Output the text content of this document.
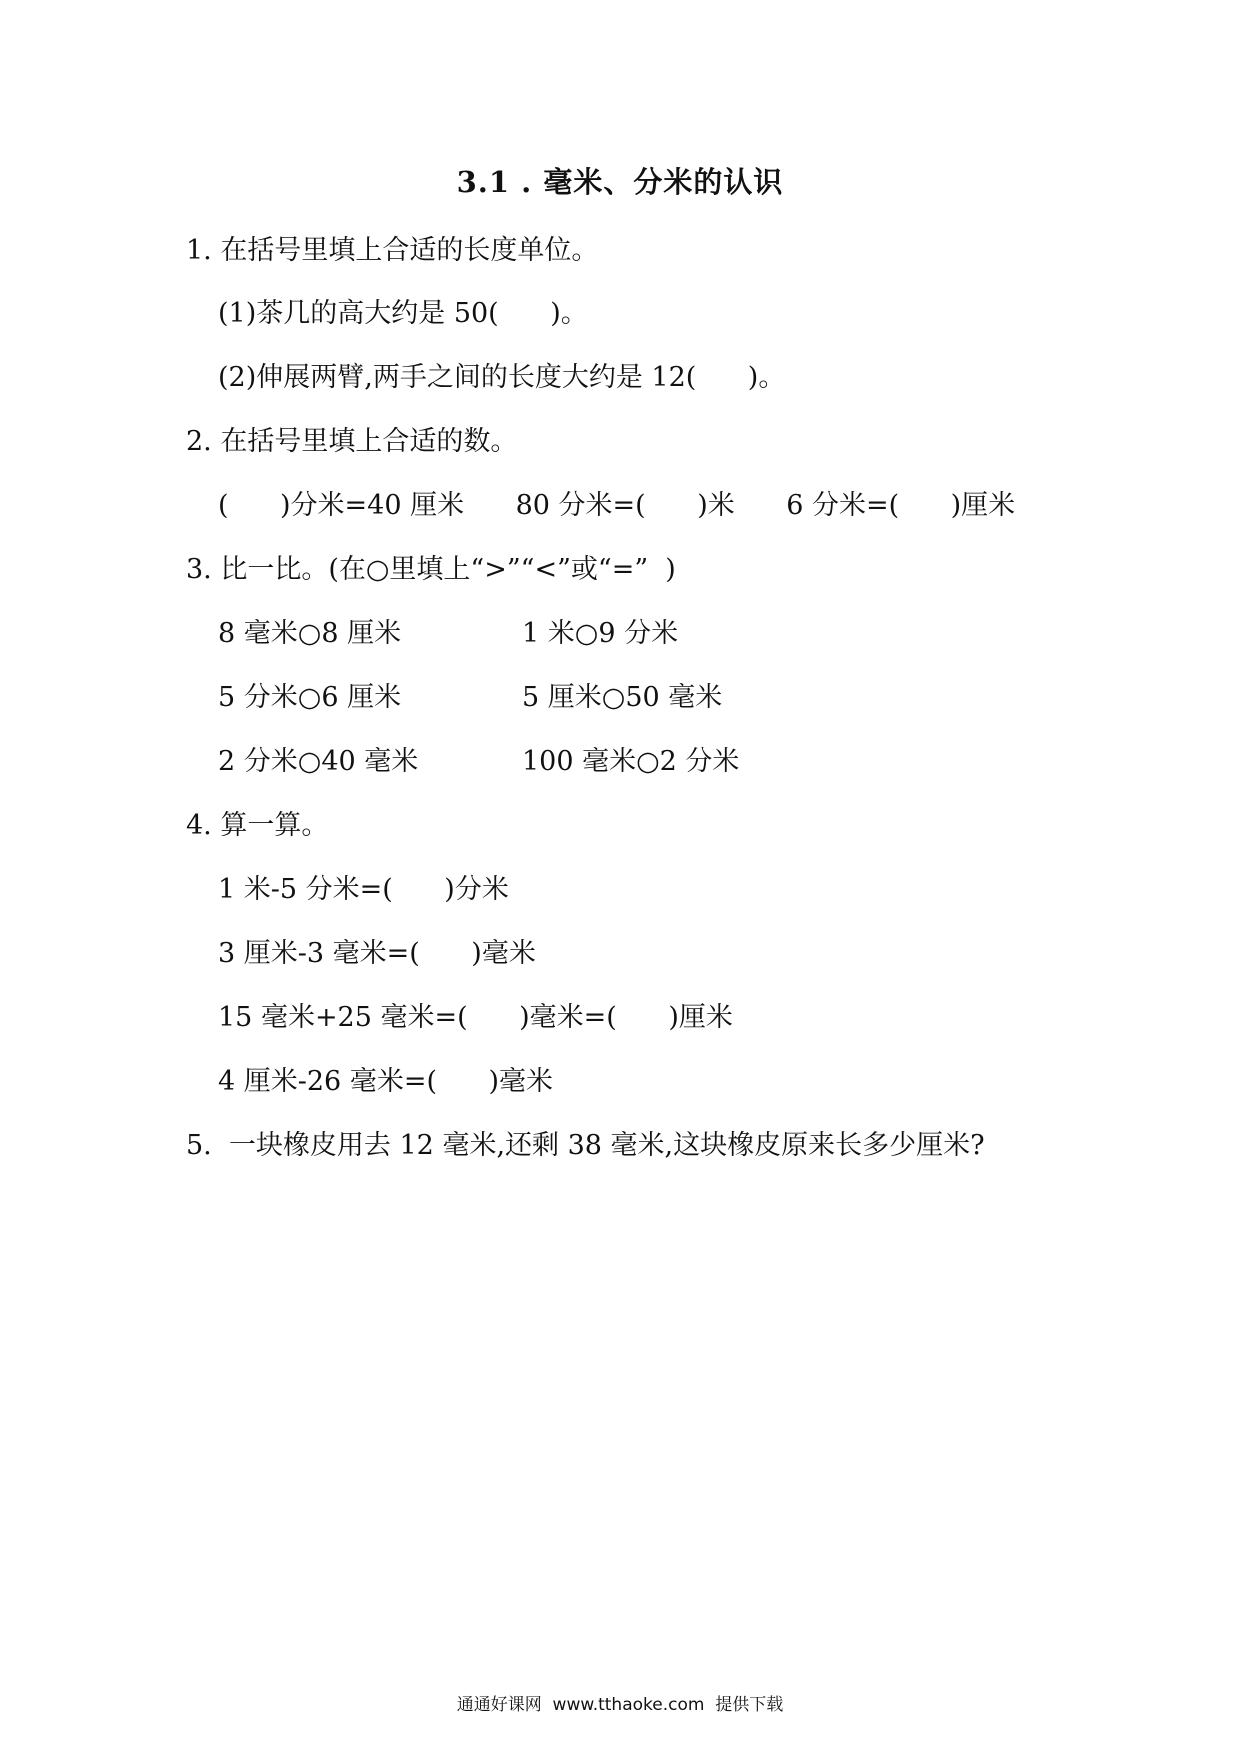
3.1 . 毫米、分米的认识
1. 在括号里填上合适的长度单位。
(1)茶几的高大约是 50(      )。
(2)伸展两臂,两手之间的长度大约是 12(      )。
2. 在括号里填上合适的数。
(      )分米=40 厘米      80 分米=(      )米      6 分米=(      )厘米
3. 比一比。(在○里填上“>”“<”或“=”  )
8 毫米○8 厘米	1 米○9 分米
5 分米○6 厘米	5 厘米○50 毫米
2 分米○40 毫米	100 毫米○2 分米
4. 算一算。
1 米-5 分米=(      )分米
3 厘米-3 毫米=(      )毫米
15 毫米+25 毫米=(      )毫米=(      )厘米
4 厘米-26 毫米=(      )毫米
5.  一块橡皮用去 12 毫米,还剩 38 毫米,这块橡皮原来长多少厘米?
通通好课网  www.tthaoke.com  提供下载
